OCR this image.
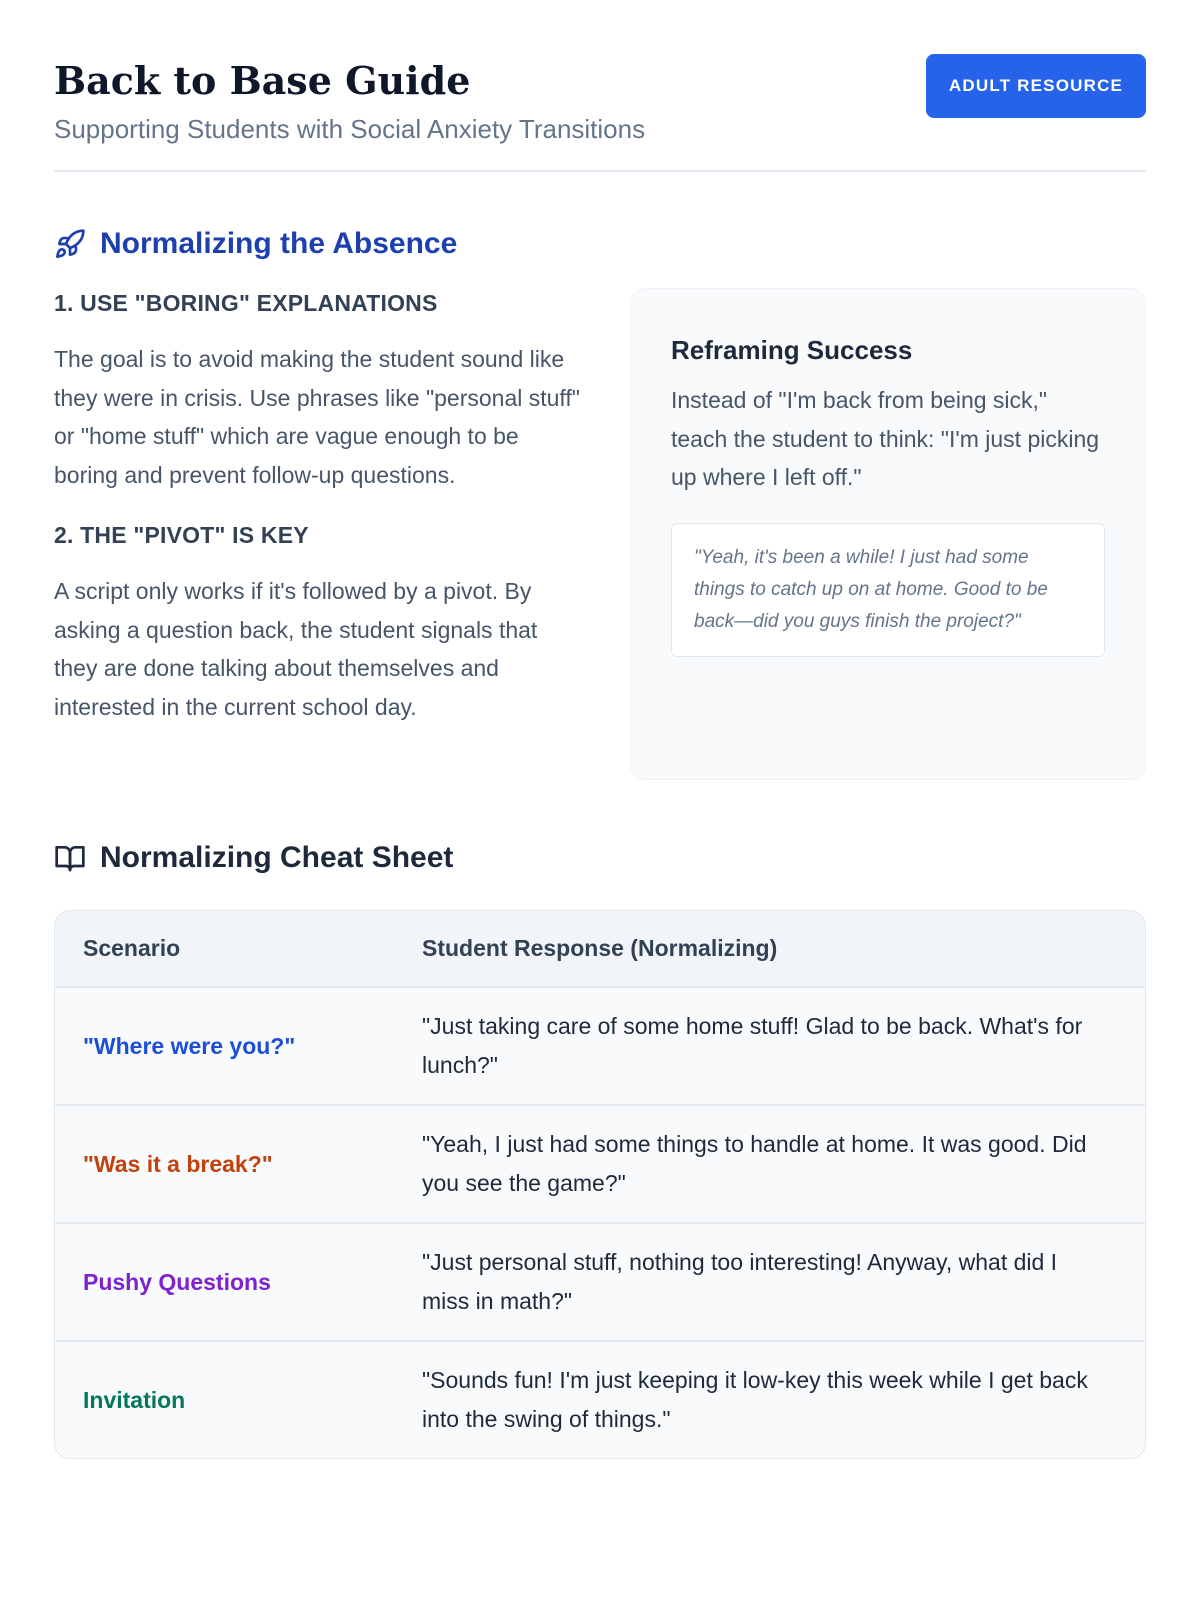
Back to Base Guide
Supporting Students with Social Anxiety Transitions
ADULT RESOURCE
Normalizing the Absence
1. USE "BORING" EXPLANATIONS
The goal is to avoid making the student sound like they were in crisis. Use phrases like "personal stuff" or "home stuff" which are vague enough to be boring and prevent follow-up questions.
2. THE "PIVOT" IS KEY
A script only works if it's followed by a pivot. By asking a question back, the student signals that they are done talking about themselves and interested in the current school day.
Reframing Success
Instead of "I'm back from being sick," teach the student to think: "I'm just picking up where I left off."
"Yeah, it's been a while! I just had some things to catch up on at home. Good to be back—did you guys finish the project?"
Normalizing Cheat Sheet
Scenario	Student Response (Normalizing)
"Where were you?"
"Just taking care of some home stuff! Glad to be back. What's for lunch?"
"Was it a break?"
"Yeah, I just had some things to handle at home. It was good. Did you see the game?"
Pushy Questions
"Just personal stuff, nothing too interesting! Anyway, what did I miss in math?"
Invitation
"Sounds fun! I'm just keeping it low-key this week while I get back into the swing of things."
